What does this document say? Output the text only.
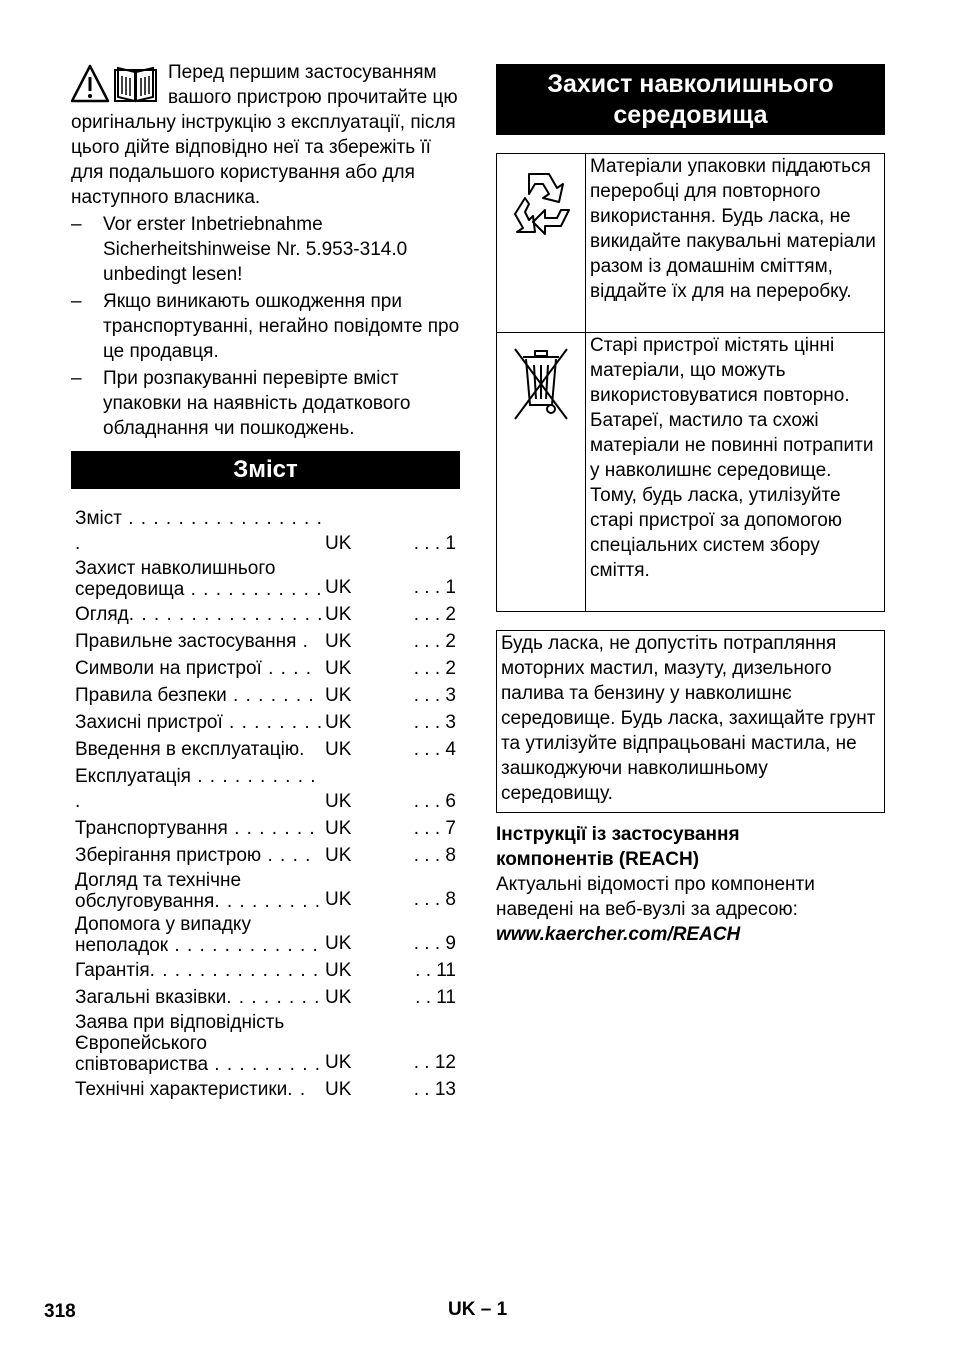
Перед першим застосуванням вашого пристрою прочитайте цю оригінальну інструкцію з експлуатації, після цього дійте відповідно неї та збережіть її для подальшого користування або для наступного власника.

– Vor erster Inbetriebnahme Sicherheitshinweise Nr. 5.953-314.0 unbedingt lesen!
– Якщо виникають ошкодження при транспортуванні, негайно повідомте про це продавця.
– При розпакуванні перевірте вміст упаковки на наявність додаткового обладнання чи пошкоджень.
Зміст
Зміст . . . . . . . . . . . . . . . . .	UK	. . . 1
Захист навколишнього
середовища . . . . . . . . . . .	UK	. . . 1
Огляд. . . . . . . . . . . . . . . .	UK	. . . 2
Правильне застосування .	UK	. . . 2
Символи на пристрої . . . .	UK	. . . 2
Правила безпеки . . . . . . .	UK	. . . 3
Захисні пристрої . . . . . . . .	UK	. . . 3
Введення в експлуатацію.	UK	. . . 4
Експлуатація . . . . . . . . . . .	UK	. . . 6
Транспортування . . . . . . .	UK	. . . 7
Зберігання пристрою . . . .	UK	. . . 8
Догляд та технічне
обслуговування. . . . . . . . .	UK	. . . 8
Допомога у випадку
неполадок . . . . . . . . . . . .	UK	. . . 9
Гарантія. . . . . . . . . . . . . .	UK	. . 11
Загальні вказівки. . . . . . . .	UK	. . 11
Заява при відповідність
Європейського
співтовариства . . . . . . . . .	UK	. . 12
Технічні характеристики. .	UK	. . 13
Захист навколишнього
середовища
Матеріали упаковки піддаються переробці для повторного використання. Будь ласка, не викидайте пакувальні матеріали разом із домашнім сміттям, віддайте їх для на переробку.
Старі пристрої містять цінні матеріали, що можуть використовуватися повторно. Батареї, мастило та схожі матеріали не повинні потрапити у навколишнє середовище. Тому, будь ласка, утилізуйте старі пристрої за допомогою спеціальних систем збору сміття.
Будь ласка, не допустіть потрапляння моторних мастил, мазуту, дизельного палива та бензину у навколишнє середовище. Будь ласка, захищайте грунт та утилізуйте відпрацьовані мастила, не зашкоджуючи навколишньому середовищу.
Інструкції із застосування
компонентів (REACH)
Актуальні відомості про компоненти наведені на веб-вузлі за адресою:
www.kaercher.com/REACH
318	UK – 1
